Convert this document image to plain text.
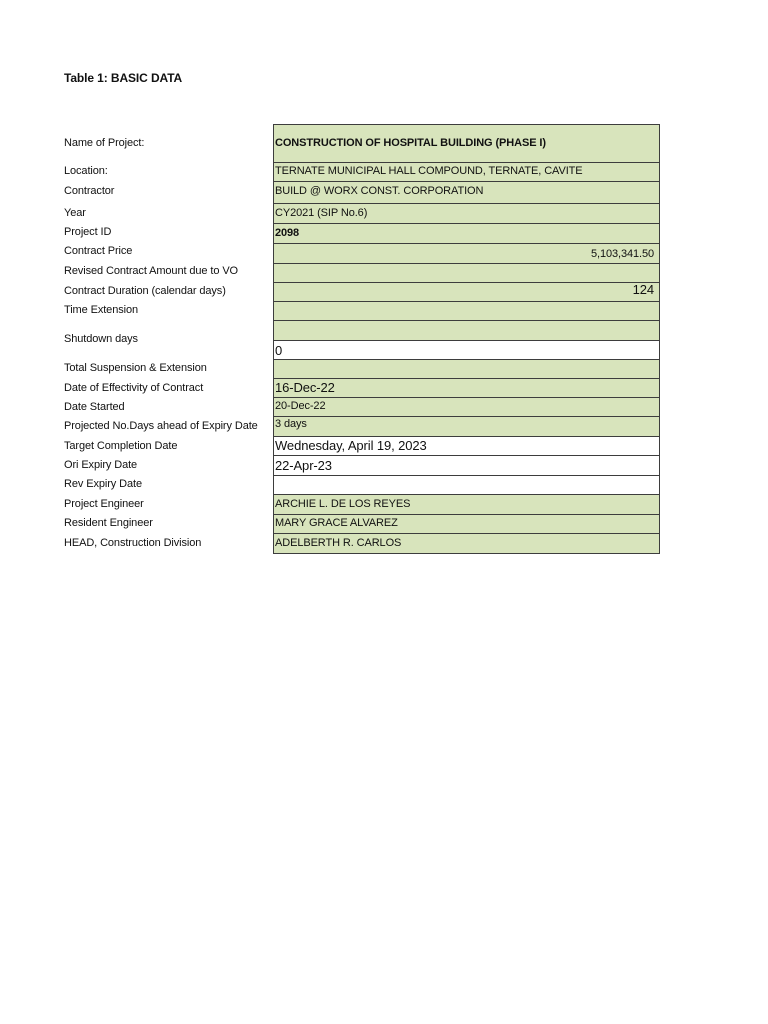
Table 1: BASIC DATA
Name of Project:
Location:
Contractor
Year
Project ID
Contract Price
Revised Contract Amount due to VO
Contract Duration (calendar days)
Time Extension
Shutdown days
Total Suspension & Extension
Date of Effectivity of Contract
Date Started
Projected No.Days ahead of Expiry Date
Target Completion Date
Ori Expiry Date
Rev Expiry Date
Project Engineer
Resident Engineer
HEAD, Construction Division
CONSTRUCTION OF HOSPITAL BUILDING (PHASE I)
TERNATE MUNICIPAL HALL COMPOUND, TERNATE, CAVITE
BUILD @ WORX CONST. CORPORATION
CY2021 (SIP No.6)
2098
5,103,341.50
124
0
16-Dec-22
20-Dec-22
3 days
Wednesday, April 19, 2023
22-Apr-23
ARCHIE L. DE LOS REYES
MARY GRACE ALVAREZ
ADELBERTH R. CARLOS
